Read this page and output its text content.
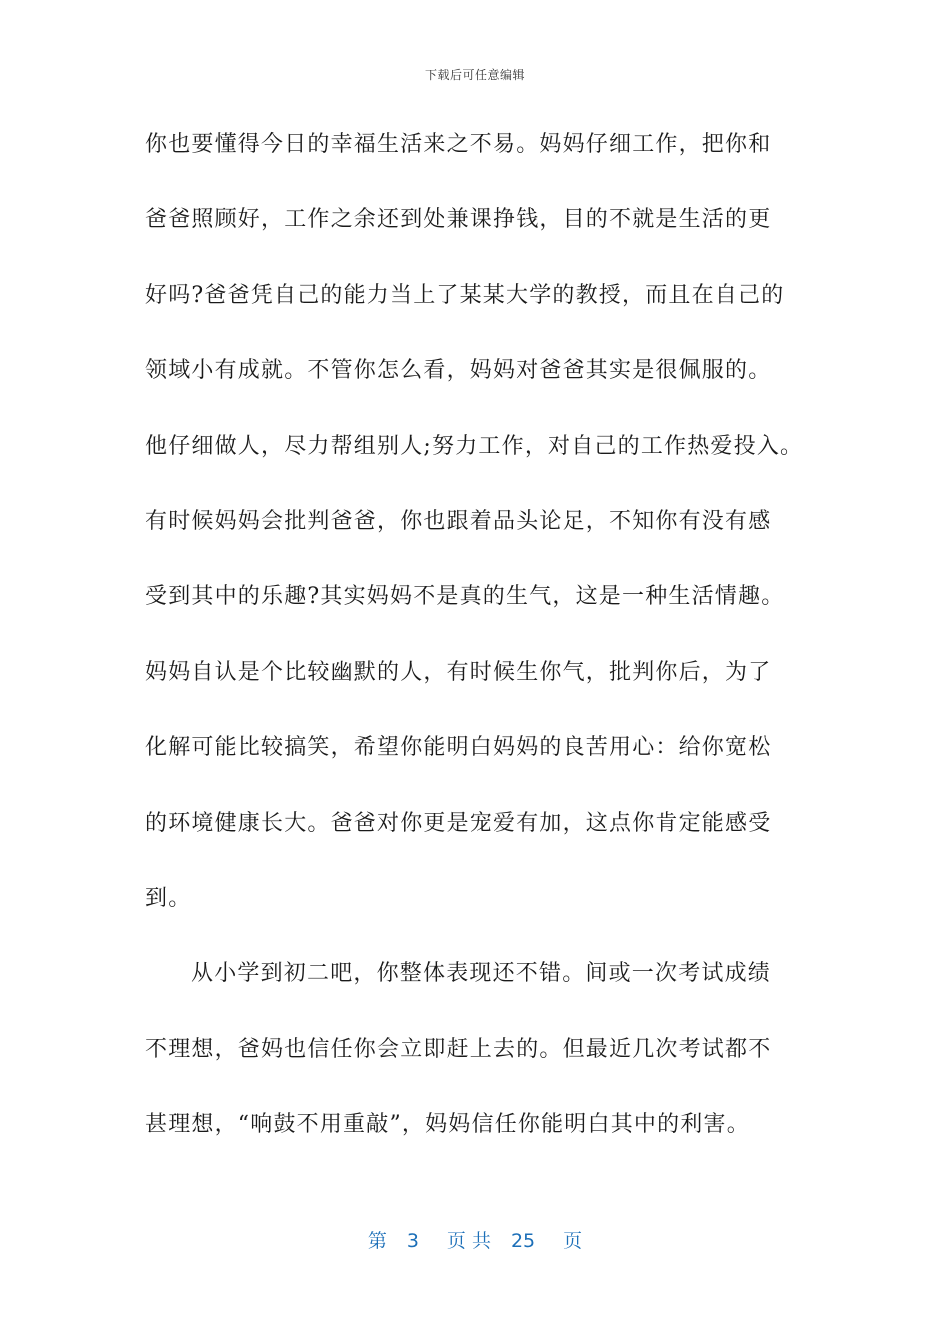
下载后可任意编辑
你也要懂得今日的幸福生活来之不易。妈妈仔细工作，把你和
爸爸照顾好，工作之余还到处兼课挣钱，目的不就是生活的更
好吗?爸爸凭自己的能力当上了某某大学的教授，而且在自己的
领域小有成就。不管你怎么看，妈妈对爸爸其实是很佩服的。
他仔细做人，尽力帮组别人;努力工作，对自己的工作热爱投入。
有时候妈妈会批判爸爸，你也跟着品头论足，不知你有没有感
受到其中的乐趣?其实妈妈不是真的生气，这是一种生活情趣。
妈妈自认是个比较幽默的人，有时候生你气，批判你后，为了
化解可能比较搞笑，希望你能明白妈妈的良苦用心：给你宽松
的环境健康长大。爸爸对你更是宠爱有加，这点你肯定能感受
到。
从小学到初二吧，你整体表现还不错。间或一次考试成绩
不理想，爸妈也信任你会立即赶上去的。但最近几次考试都不
甚理想，“响鼓不用重敲”，妈妈信任你能明白其中的利害。
第 3 页 共 25 页
